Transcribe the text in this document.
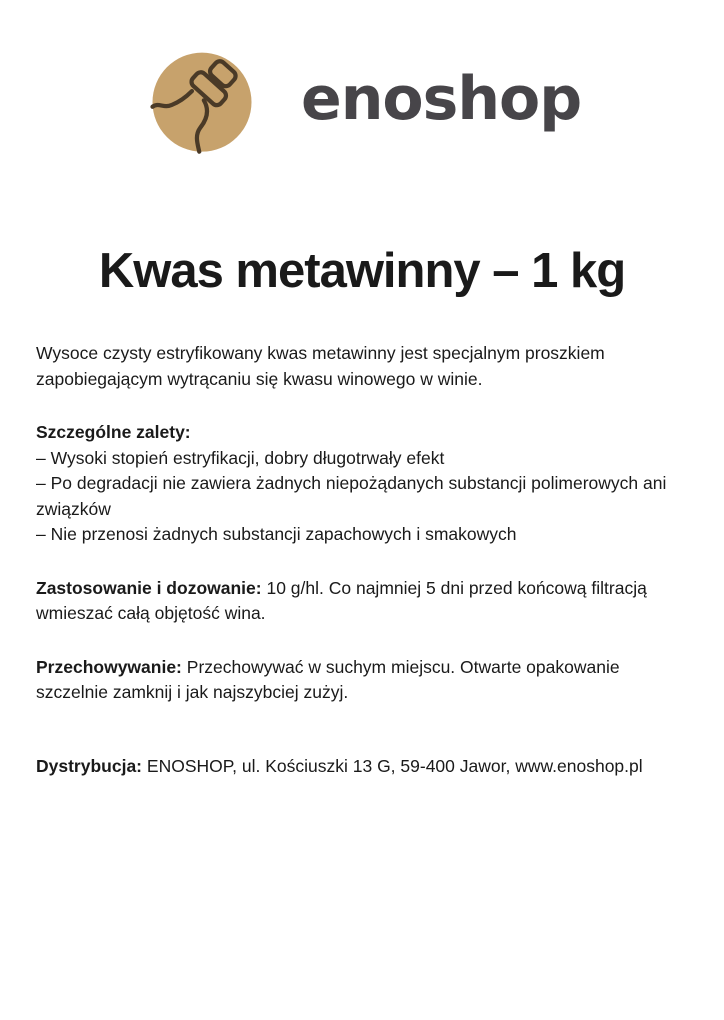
enoshop
Kwas metawinny – 1 kg
Wysoce czysty estryfikowany kwas metawinny jest specjalnym proszkiem zapobiegającym wytrącaniu się kwasu winowego w winie.
Szczególne zalety:
– Wysoki stopień estryfikacji, dobry długotrwały efekt
– Po degradacji nie zawiera żadnych niepożądanych substancji polimerowych ani związków
– Nie przenosi żadnych substancji zapachowych i smakowych
Zastosowanie i dozowanie: 10 g/hl. Co najmniej 5 dni przed końcową filtracją wmieszać całą objętość wina.
Przechowywanie: Przechowywać w suchym miejscu. Otwarte opakowanie szczelnie zamknij i jak najszybciej zużyj.
Dystrybucja: ENOSHOP, ul. Kościuszki 13 G, 59-400 Jawor, www.enoshop.pl
